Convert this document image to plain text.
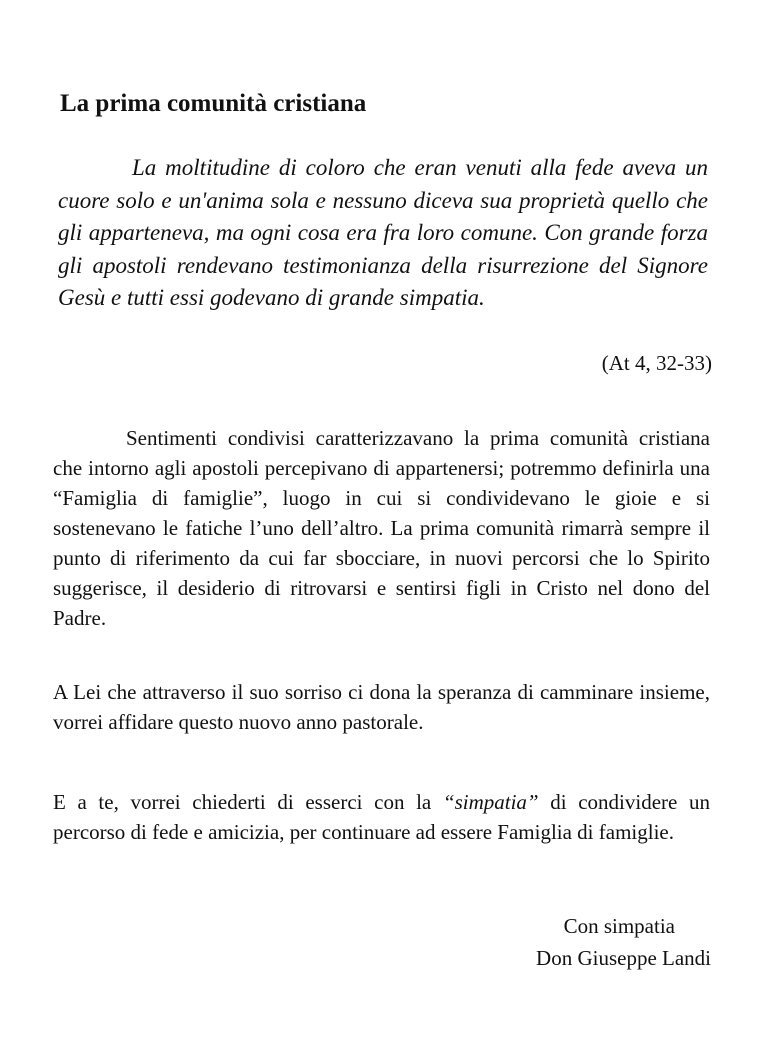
La prima comunità cristiana

La moltitudine di coloro che eran venuti alla fede aveva un cuore solo e un'anima sola e nessuno diceva sua proprietà quello che gli apparteneva, ma ogni cosa era fra loro comune. Con grande forza gli apostoli rendevano testimonianza della risurrezione del Signore Gesù e tutti essi godevano di grande simpatia.

(At 4, 32-33)

Sentimenti condivisi caratterizzavano la prima comunità cristiana che intorno agli apostoli percepivano di appartenersi; potremmo definirla una “Famiglia di famiglie”, luogo in cui si condividevano le gioie e si sostenevano le fatiche l’uno dell’altro. La prima comunità rimarrà sempre il punto di riferimento da cui far sbocciare, in nuovi percorsi che lo Spirito suggerisce, il desiderio di ritrovarsi e sentirsi figli in Cristo nel dono del Padre.

A Lei che attraverso il suo sorriso ci dona la speranza di camminare insieme, vorrei affidare questo nuovo anno pastorale.

E a te, vorrei chiederti di esserci con la “simpatia” di condividere un percorso di fede e amicizia, per continuare ad essere Famiglia di famiglie.

Con simpatia
Don Giuseppe Landi
